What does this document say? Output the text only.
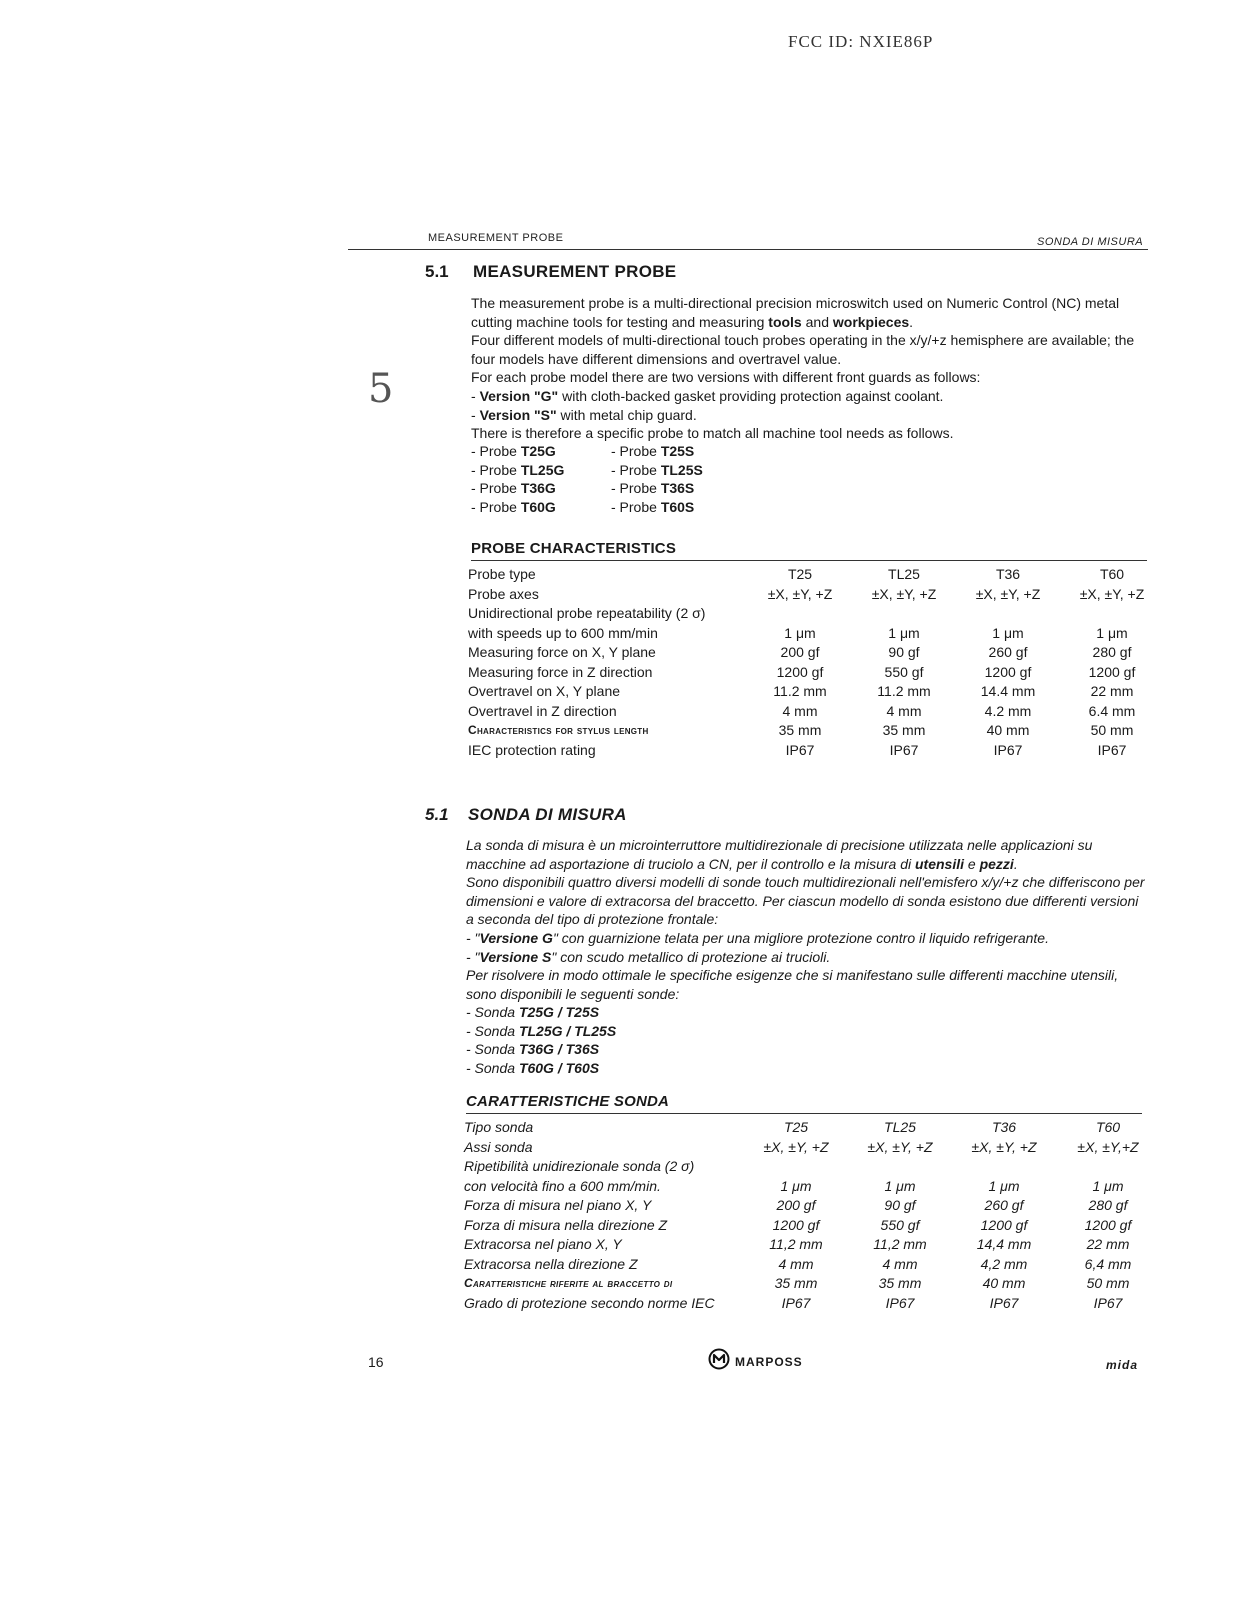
FCC ID: NXIE86P
MEASUREMENT PROBE	SONDA DI MISURA
5
5.1 MEASUREMENT PROBE

The measurement probe is a multi-directional precision microswitch used on Numeric Control (NC) metal cutting machine tools for testing and measuring tools and workpieces.

Four different models of multi-directional touch probes operating in the x/y/+z hemisphere are available; the four models have different dimensions and overtravel value.

For each probe model there are two versions with different front guards as follows:

- Version "G" with cloth-backed gasket providing protection against coolant.

- Version "S" with metal chip guard.

There is therefore a specific probe to match all machine tool needs as follows.

- Probe T25G	- Probe T25S
- Probe TL25G	- Probe TL25S
- Probe T36G	- Probe T36S
- Probe T60G	- Probe T60S
PROBE CHARACTERISTICS
Probe type	T25	TL25	T36	T60
Probe axes	±X, ±Y, +Z	±X, ±Y, +Z	±X, ±Y, +Z	±X, ±Y, +Z
Unidirectional probe repeatability (2 σ)				
with speeds up to 600 mm/min	1 μm	1 μm	1 μm	1 μm
Measuring force on X, Y plane	200 gf	90 gf	260 gf	280 gf
Measuring force in Z direction	1200 gf	550 gf	1200 gf	1200 gf
Overtravel on X, Y plane	11.2 mm	11.2 mm	14.4 mm	22 mm
Overtravel in Z direction	4 mm	4 mm	4.2 mm	6.4 mm
Characteristics for stylus length	35 mm	35 mm	40 mm	50 mm
IEC protection rating	IP67	IP67	IP67	IP67
5.1 SONDA DI MISURA

La sonda di misura è un microinterruttore multidirezionale di precisione utilizzata nelle applicazioni su macchine ad asportazione di truciolo a CN, per il controllo e la misura di utensili e pezzi.

Sono disponibili quattro diversi modelli di sonde touch multidirezionali nell'emisfero x/y/+z che differiscono per dimensioni e valore di extracorsa del braccetto. Per ciascun modello di sonda esistono due differenti versioni a seconda del tipo di protezione frontale:

- "Versione G" con guarnizione telata per una migliore protezione contro il liquido refrigerante.

- "Versione S" con scudo metallico di protezione ai trucioli.

Per risolvere in modo ottimale le specifiche esigenze che si manifestano sulle differenti macchine utensili, sono disponibili le seguenti sonde:

- Sonda T25G / T25S
- Sonda TL25G / TL25S
- Sonda T36G / T36S
- Sonda T60G / T60S
CARATTERISTICHE SONDA
Tipo sonda	T25	TL25	T36	T60
Assi sonda	±X, ±Y, +Z	±X, ±Y, +Z	±X, ±Y, +Z	±X, ±Y,+Z
Ripetibilità unidirezionale sonda (2 σ)				
con velocità fino a 600 mm/min.	1 μm	1 μm	1 μm	1 μm
Forza di misura nel piano X, Y	200 gf	90 gf	260 gf	280 gf
Forza di misura nella direzione Z	1200 gf	550 gf	1200 gf	1200 gf
Extracorsa nel piano X, Y	11,2 mm	11,2 mm	14,4 mm	22 mm
Extracorsa nella direzione Z	4 mm	4 mm	4,2 mm	6,4 mm
Caratteristiche riferite al braccetto di	35 mm	35 mm	40 mm	50 mm
Grado di protezione secondo norme IEC	IP67	IP67	IP67	IP67
16	MARPOSS	mida
